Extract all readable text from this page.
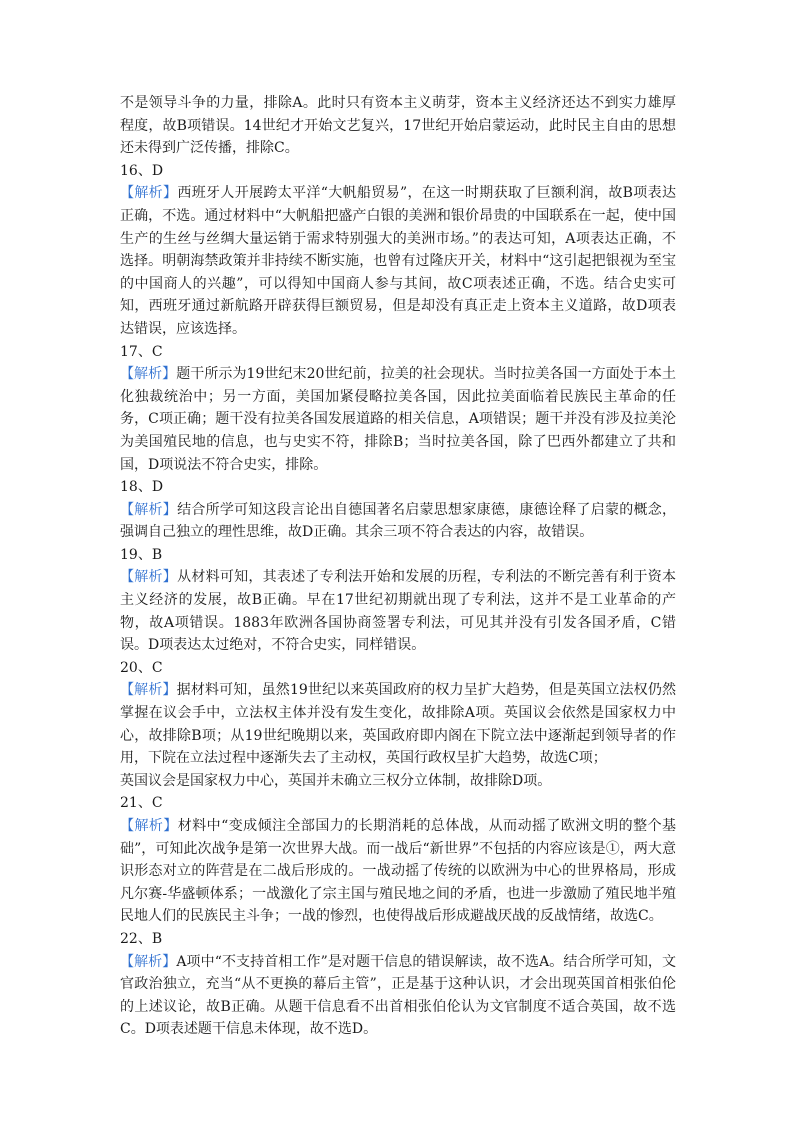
不是领导斗争的力量，排除A。此时只有资本主义萌芽，资本主义经济还达不到实力雄厚程度，故B项错误。14世纪才开始文艺复兴，17世纪开始启蒙运动，此时民主自由的思想还未得到广泛传播，排除C。

16、D

【解析】西班牙人开展跨太平洋“大帆船贸易”，在这一时期获取了巨额利润，故B项表达正确，不选。通过材料中“大帆船把盛产白银的美洲和银价昂贵的中国联系在一起，使中国生产的生丝与丝绸大量运销于需求特别强大的美洲市场。”的表达可知，A项表达正确，不选择。明朝海禁政策并非持续不断实施，也曾有过隆庆开关，材料中“这引起把银视为至宝的中国商人的兴趣”，可以得知中国商人参与其间，故C项表述正确，不选。结合史实可知，西班牙通过新航路开辟获得巨额贸易，但是却没有真正走上资本主义道路，故D项表达错误，应该选择。

17、C

【解析】题干所示为19世纪末20世纪前，拉美的社会现状。当时拉美各国一方面处于本土化独裁统治中；另一方面，美国加紧侵略拉美各国，因此拉美面临着民族民主革命的任务，C项正确；题干没有拉美各国发展道路的相关信息，A项错误；题干并没有涉及拉美沦为美国殖民地的信息，也与史实不符，排除B；当时拉美各国，除了巴西外都建立了共和国，D项说法不符合史实，排除。

18、D

【解析】结合所学可知这段言论出自德国著名启蒙思想家康德，康德诠释了启蒙的概念，强调自己独立的理性思维，故D正确。其余三项不符合表达的内容，故错误。

19、B

【解析】从材料可知，其表述了专利法开始和发展的历程，专利法的不断完善有利于资本主义经济的发展，故B正确。早在17世纪初期就出现了专利法，这并不是工业革命的产物，故A项错误。1883年欧洲各国协商签署专利法，可见其并没有引发各国矛盾，C错误。D项表达太过绝对，不符合史实，同样错误。

20、C

【解析】据材料可知，虽然19世纪以来英国政府的权力呈扩大趋势，但是英国立法权仍然掌握在议会手中，立法权主体并没有发生变化，故排除A项。英国议会依然是国家权力中心，故排除B项；从19世纪晚期以来，英国政府即内阁在下院立法中逐渐起到领导者的作用，下院在立法过程中逐渐失去了主动权，英国行政权呈扩大趋势，故选C项；

英国议会是国家权力中心，英国并未确立三权分立体制，故排除D项。

21、C

【解析】材料中“变成倾注全部国力的长期消耗的总体战，从而动摇了欧洲文明的整个基础”，可知此次战争是第一次世界大战。而一战后“新世界”不包括的内容应该是①，两大意识形态对立的阵营是在二战后形成的。一战动摇了传统的以欧洲为中心的世界格局，形成凡尔赛-华盛顿体系；一战激化了宗主国与殖民地之间的矛盾，也进一步激励了殖民地半殖民地人们的民族民主斗争；一战的惨烈，也使得战后形成避战厌战的反战情绪，故选C。

22、B

【解析】A项中“不支持首相工作”是对题干信息的错误解读，故不选A。结合所学可知，文官政治独立，充当“从不更换的幕后主管”，正是基于这种认识，才会出现英国首相张伯伦的上述议论，故B正确。从题干信息看不出首相张伯伦认为文官制度不适合英国，故不选C。D项表述题干信息未体现，故不选D。
